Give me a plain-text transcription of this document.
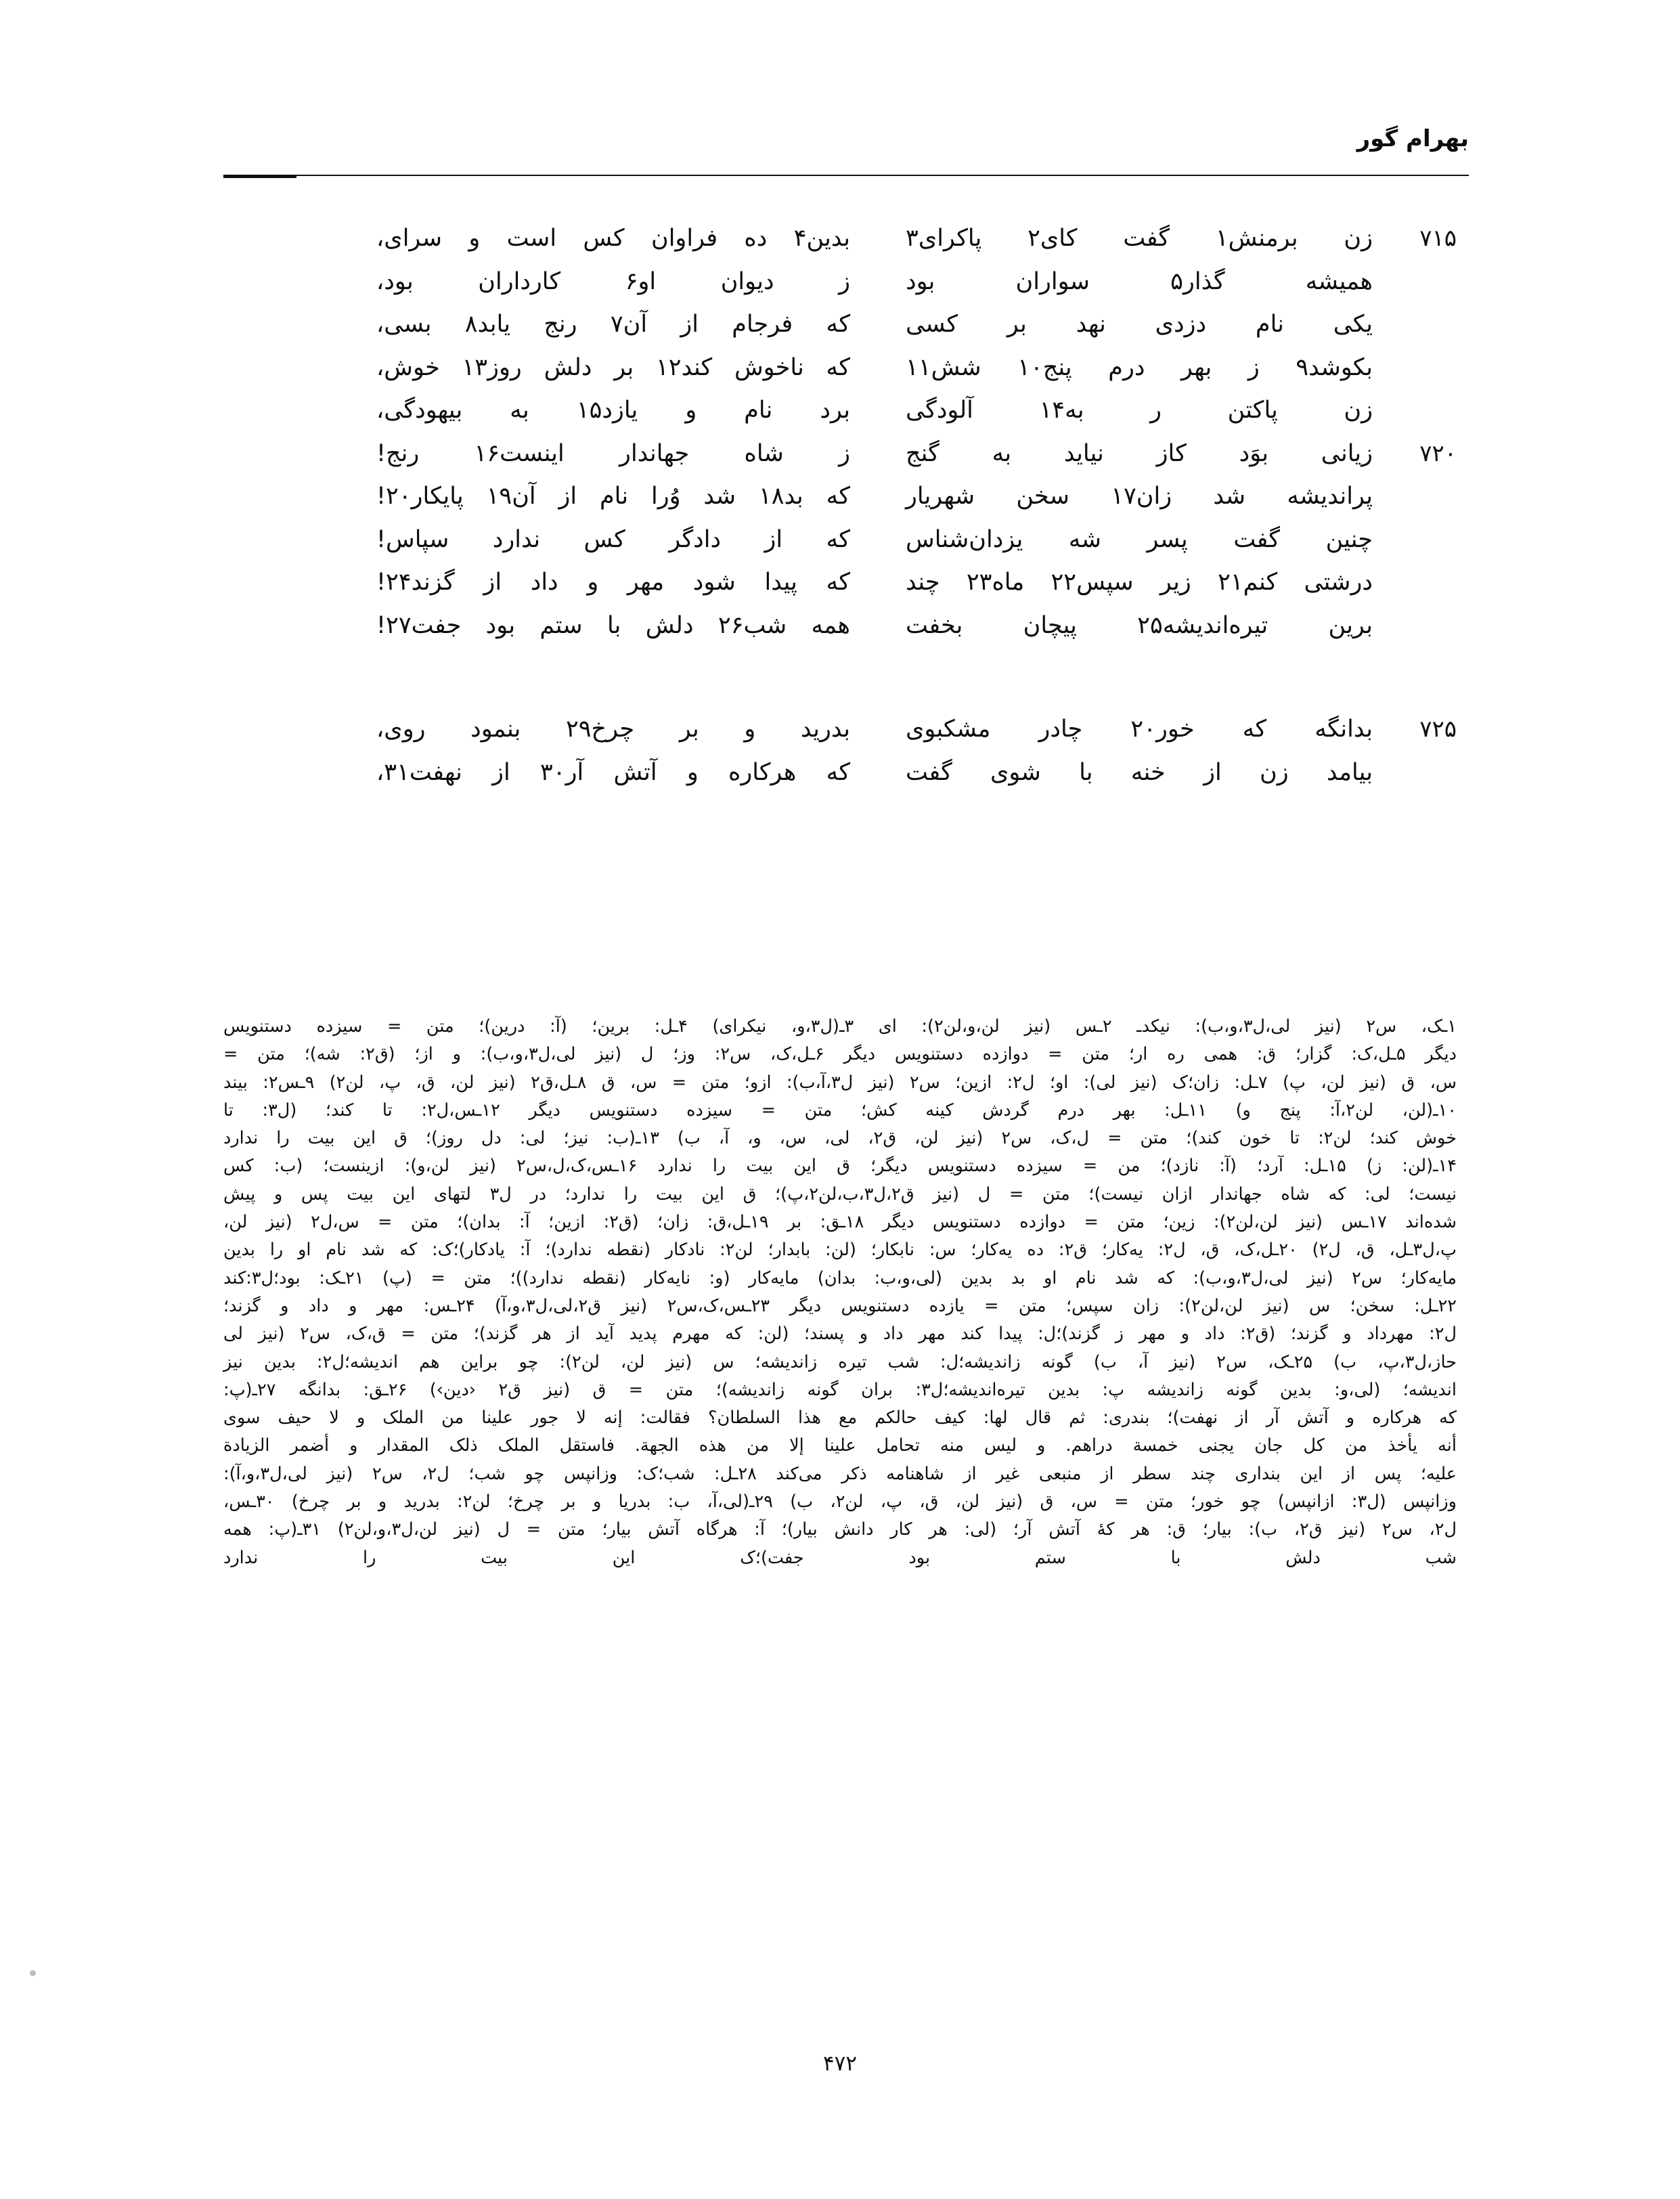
بهرام گور
۷۱۵
زن برمنش۱ گفت کای۲ پاکرای۳
بدین۴ ده فراوان کس است و سرای،
همیشه گذار۵ سواران بود
ز دیوان او۶ کارداران بود،
یکی نام دزدی نهد بر کسی
که فرجام از آن۷ رنج یابد۸ بسی،
بکوشد۹ ز بهر درم پنج۱۰ شش۱۱
که ناخوش کند۱۲ بر دلش روز۱۳ خوش،
زن پاکتن ر به۱۴ آلودگی
برد نام و یازد۱۵ به بیهودگی،
۷۲۰
زیانی بوَد کاز نیاید به گنج
ز شاه جهاندار اینست۱۶ رنج!
پرانديشه شد زان۱۷ سخن شهریار
که بد۱۸ شد وُرا نام از آن۱۹ پایکار۲۰!
چنین گفت پسر شه یزدان‌شناس
که از دادگر کس ندارد سپاس!
درشتی کنم۲۱ زیر سپس۲۲ ماه۲۳ چند
که پیدا شود مهر و داد از گزند۲۴!
برین تیره‌اندیشه۲۵ پیچان بخفت
همه شب۲۶ دلش با ستم بود جفت۲۷!
۷۲۵
بدانگه که خور۲۰ چادر مشکبوی
بدرید و بر چرخ۲۹ بنمود روی،
بیامد زن از خنه با شوی گفت
که هرکاره و آتش آر۳۰ از نهفت۳۱،

۱ـک، س۲ (نیز لی،ل۳،و،ب): نیکدـ ۲ـس (نیز لن،و،لن۲): ای ۳ـ(ل۳،و، نیکرای) ۴ـل: برین؛ (آ: درین)؛ متن = سیزده دستنویس

دیگر ۵ـل،ک: گزار؛ ق: همی ره ار؛ متن = دوازده دستنویس دیگر ۶ـل،ک، س۲: وز؛ ل (نیز لی،ل۳،و،ب): و از؛ (ق۲: شه)؛ متن =

س، ق (نیز لن، پ) ۷ـل: زان؛ک (نیز لی): او؛ ل۲: ازین؛ س۲ (نیز ل۳،آ،ب): ازو؛ متن = س، ق ۸ـل،ق۲ (نیز لن، ق، پ، لن۲) ۹ـس۲: بیند

۱۰ـ(لن، لن۲،آ: پنج و) ۱۱ـل: بهر درم گردش کینه کش؛ متن = سیزده دستنویس دیگر ۱۲ـس،ل۲: تا کند؛ (ل۳: تا

خوش کند؛ لن۲: تا خون کند)؛ متن = ل،ک، س۲ (نیز لن، ق۲، لی، س، و، آ، ب) ۱۳ـ(ب: نیز؛ لی: دل روز)؛ ق این بیت را ندارد

۱۴ـ(لن: ز) ۱۵ـل: آرد؛ (آ: نازد)؛ من = سیزده دستنویس دیگر؛ ق این بیت را ندارد ۱۶ـس،ک،ل،س۲ (نیز لن،و): ازینست؛ (ب: کس

نیست؛ لی: که شاه جهاندار ازان نیست)؛ متن = ل (نیز ق۲،ل۳،ب،لن۲،پ)؛ ق این بیت را ندارد؛ در ل۳ لتهای این بیت پس و پیش

شده‌اند ۱۷ـس (نیز لن،لن۲): زین؛ متن = دوازده دستنویس دیگر ۱۸ـق: بر ۱۹ـل،ق: زان؛ (ق۲: ازین؛ آ: بدان)؛ متن = س،ل۲ (نیز لن،

پ،ل۳ـل، ق، ل۲) ۲۰ـل،ک، ق، ل۲: یه‌کار؛ ق۲: ده یه‌کار؛ س: نابکار؛ (لن: بابدار؛ لن۲: نادکار (نقطه ندارد)؛ آ: یادکار)؛ک: که شد نام او را بدین

مایه‌کار؛ س۲ (نیز لی،ل۳،و،ب): که شد نام او بد بدین (لی،و،ب: بدان) مایه‌کار (و: نایه‌کار (نقطه ندارد))؛ متن = (پ) ۲۱ـک: بود؛ل۳:کند

۲۲ـل: سخن؛ س (نیز لن،لن۲): زان سپس؛ متن = یازده دستنویس دیگر ۲۳ـس،ک،س۲ (نیز ق۲،لی،ل۳،و،آ) ۲۴ـس: مهر و داد و گزند؛

ل۲: مهرداد و گزند؛ (ق۲: داد و مهر ز گزند)؛ل: پیدا کند مهر داد و پسند؛ (لن: که مهرم پدید آید از هر گزند)؛ متن = ق،ک، س۲ (نیز لی

حاز،ل۳،پ، ب) ۲۵ـک، س۲ (نیز آ، ب) گونه زاندیشه؛ل: شب تیره زاندیشه؛ س (نیز لن، لن۲): چو براین هم اندیشه؛ل۲: بدین نیز

اندیشه؛ (لی،و: بدین گونه زاندیشه پ: بدین تیره‌اندیشه؛ل۳: بران گونه زاندیشه)؛ متن = ق (نیز ق۲ ‹دین›) ۲۶ـق: بدانگه ۲۷ـ(پ:

که هرکاره و آتش آر از نهفت)؛ بندری: ثم قال لها: کیف حالکم مع هذا السلطان؟ فقالت: إنه لا جور علینا من الملک و لا حیف سوی

أنه یأخذ من کل جان یجنی خمسة دراهم. و لیس منه تحامل علینا إلا من هذه الجهة. فاستقل الملک ذلک المقدار و أضمر الزیادة

علیه؛ پس از این بنداری چند سطر از منبعی غیر از شاهنامه ذکر می‌کند ۲۸ـل: شب؛ک: وزانپس چو شب؛ ل۲، س۲ (نیز لی،ل۳،و،آ):

وزانپس (ل۳: ازانپس) چو خور؛ متن = س، ق (نیز لن، ق، پ، لن۲، ب) ۲۹ـ(لی،آ، ب: بدریا و بر چرخ؛ لن۲: بدرید و بر چرخ) ۳۰ـس،

ل۲، س۲ (نیز ق۲، ب): بیار؛ ق: هر کۀ آتش آر؛ (لی: هر کار دانش بیار)؛ آ: هرگاه آتش بیار؛ متن = ل (نیز لن،ل۳،و،لن۲) ۳۱ـ(پ: همه

شب دلش با ستم بود جفت)؛ک این بیت را ندارد

۴۷۲
